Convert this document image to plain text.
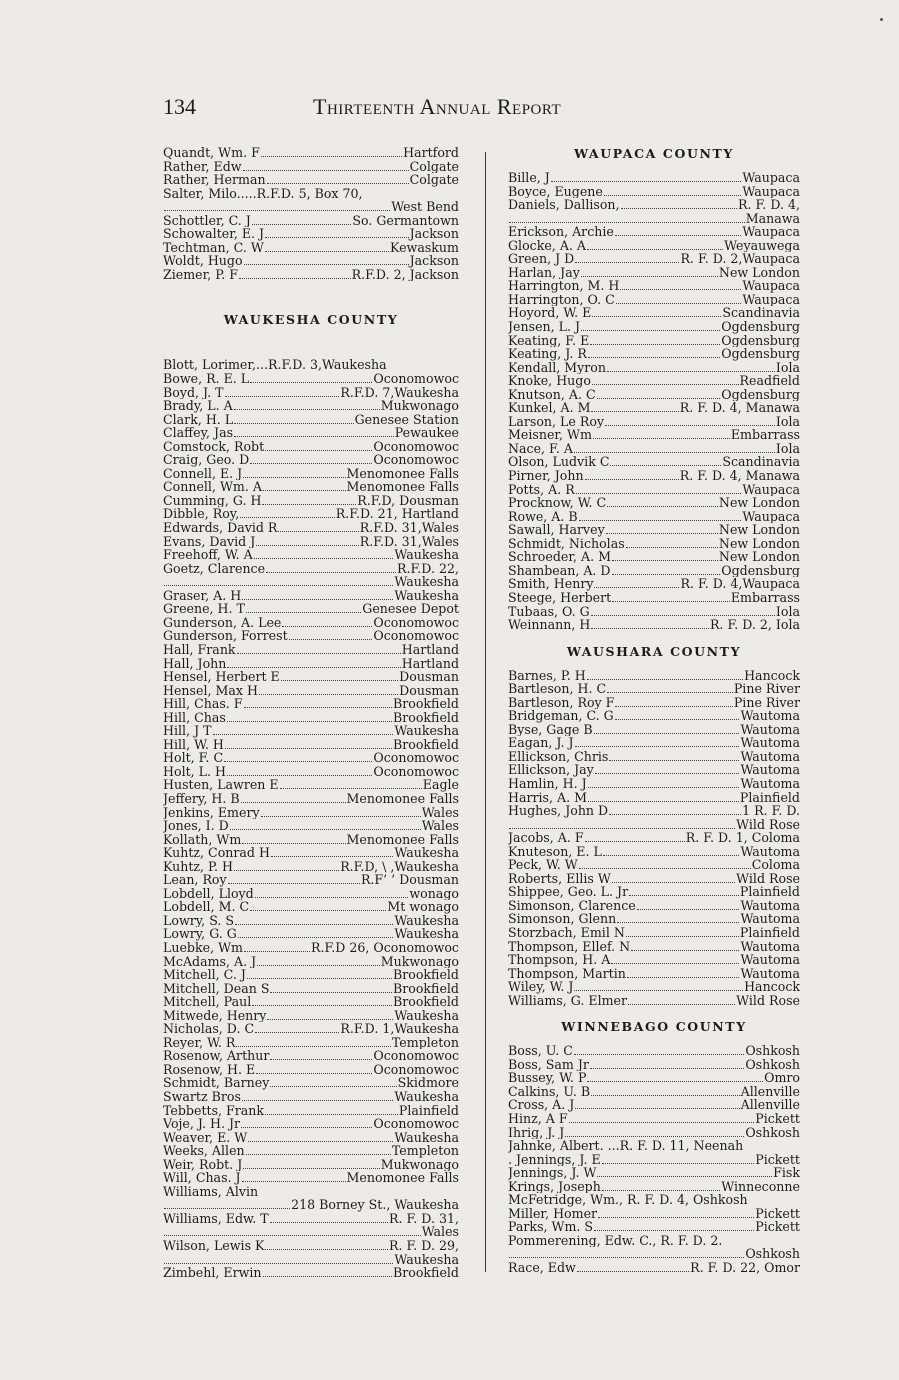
134	Thirteenth Annual Report
Quandt, Wm. F	Hartford
Rather, Edw	Colgate
Rather, Herman	Colgate
Salter, Milo.....R.F.D. 5, Box 70,
West Bend
Schottler, C. J	So. Germantown
Schowalter, E. J	Jackson
Techtman, C. W	Kewaskum
Woldt, Hugo	Jackson
Ziemer, P. F	R.F.D. 2, Jackson
WAUKESHA COUNTY
Blott, Lorimer,...R.F.D. 3,Waukesha
Bowe, R. E. L	Oconomowoc
Boyd, J. T	R.F.D. 7,Waukesha
Brady, L. A	Mukwonago
Clark, H. L	Genesee Station
Claffey, Jas	Pewaukee
Comstock, Robt	Oconomowoc
Craig, Geo. D	Oconomowoc
Connell, E. J	Menomonee Falls
Connell, Wm. A	Menomonee Falls
Cumming, G. H	R.F.D, Dousman
Dibble, Roy,	R.F.D. 21, Hartland
Edwards, David R	R.F.D. 31,Wales
Evans, David J	R.F.D. 31,Wales
Freehoff, W. A	Waukesha
Goetz, Clarence	R.F.D. 22,
Waukesha
Graser, A. H	Waukesha
Greene, H. T	Genesee Depot
Gunderson, A. Lee	Oconomowoc
Gunderson, Forrest	Oconomowoc
Hall, Frank	Hartland
Hall, John	Hartland
Hensel, Herbert E	Dousman
Hensel, Max H	Dousman
Hill, Chas. F	Brookfield
Hill, Chas	Brookfield
Hill, J T	Waukesha
Hill, W. H	Brookfield
Holt, F. C	Oconomowoc
Holt, L. H	Oconomowoc
Husten, Lawren E	Eagle
Jeffery, H. B	Menomonee Falls
Jenkins, Emery	Wales
Jones, I. D	Wales
Kollath, Wm	Menomonee Falls
Kuhtz, Conrad H	Waukesha
Kuhtz, P. H	R.F.D, \ ,Waukesha
Lean, Roy	R.F’ ’ Dousman
Lobdell, Lloyd	wonago
Lobdell, M. C	Mt wonago
Lowry, S. S	Waukesha
Lowry, G. G	Waukesha
Luebke, Wm	R.F.D 26, Oconomowoc
McAdams, A. J	Mukwonago
Mitchell, C. J	Brookfield
Mitchell, Dean S	Brookfield
Mitchell, Paul	Brookfield
Mitwede, Henry	Waukesha
Nicholas, D. C	R.F.D. 1,Waukesha
Reyer, W. R	Templeton
Rosenow, Arthur	Oconomowoc
Rosenow, H. E	Oconomowoc
Schmidt, Barney	Skidmore
Swartz Bros	Waukesha
Tebbetts, Frank	Plainfield
Voje, J. H. Jr	Oconomowoc
Weaver, E. W	Waukesha
Weeks, Allen	Templeton
Weir, Robt. J	Mukwonago
Will, Chas. J	Menomonee Falls
Williams, Alvin
218 Borney St., Waukesha
Williams, Edw. T	R. F. D. 31,
Wales
Wilson, Lewis K	R. F. D. 29,
Waukesha
Zimbehl, Erwin	Brookfield
WAUPACA COUNTY
Bille, J	Waupaca
Boyce, Eugene	Waupaca
Daniels, Dallison,	R. F. D. 4,
Manawa
Erickson, Archie	Waupaca
Glocke, A. A	Weyauwega
Green, J D	R. F. D. 2,Waupaca
Harlan, Jay	New London
Harrington, M. H	Waupaca
Harrington, O. C	Waupaca
Hoyord, W. E	Scandinavia
Jensen, L. J	Ogdensburg
Keating, F. E	Ogdensburg
Keating, J. R	Ogdensburg
Kendall, Myron	Iola
Knoke, Hugo	Readfield
Knutson, A. C	Ogdensburg
Kunkel, A. M	R. F. D. 4, Manawa
Larson, Le Roy	Iola
Meisner, Wm	Embarrass
Nace, F. A	Iola
Olson, Ludvik C	Scandinavia
Pirner, John	R. F. D. 4, Manawa
Potts, A. R	Waupaca
Procknow, W. C	New London
Rowe, A. B	Waupaca
Sawall, Harvey	New London
Schmidt, Nicholas	New London
Schroeder, A. M	New London
Shambean, A. D	Ogdensburg
Smith, Henry	R. F. D. 4,Waupaca
Steege, Herbert	Embarrass
Tubaas, O. G	Iola
Weinnann, H	R. F. D. 2, Iola
WAUSHARA COUNTY
Barnes, P. H	Hancock
Bartleson, H. C	Pine River
Bartleson, Roy F	Pine River
Bridgeman, C. G	Wautoma
Byse, Gage B	Wautoma
Eagan, J. J	Wautoma
Ellickson, Chris	Wautoma
Ellickson, Jay	Wautoma
Hamlin, H. J	Wautoma
Harris, A. M	Plainfield
Hughes, John D	1 R. F. D.
Wild Rose
Jacobs, A. F	R. F. D. 1, Coloma
Knuteson, E. L	Wautoma
Peck, W. W	Coloma
Roberts, Ellis W	Wild Rose
Shippee, Geo. L. Jr	Plainfield
Simonson, Clarence	Wautoma
Simonson, Glenn	Wautoma
Storzbach, Emil N	Plainfield
Thompson, Ellef. N	Wautoma
Thompson, H. A	Wautoma
Thompson, Martin	Wautoma
Wiley, W. J	Hancock
Williams, G. Elmer	Wild Rose
WINNEBAGO COUNTY
Boss, U. C	Oshkosh
Boss, Sam Jr	Oshkosh
Bussey, W. P	Omro
Calkins, U. B	Allenville
Cross, A. J	Allenville
Hinz, A F	Pickett
Ihrig, J. J	Oshkosh
Jahnke, Albert. ...R. F. D. 11, Neenah
. Jennings, J. E	Pickett
Jennings, J. W	Fisk
Krings, Joseph	Winneconne
McFetridge, Wm., R. F. D. 4, Oshkosh
Miller, Homer	Pickett
Parks, Wm. S	Pickett
Pommerening, Edw. C., R. F. D. 2.
Oshkosh
Race, Edw	R. F. D. 22, Omor
